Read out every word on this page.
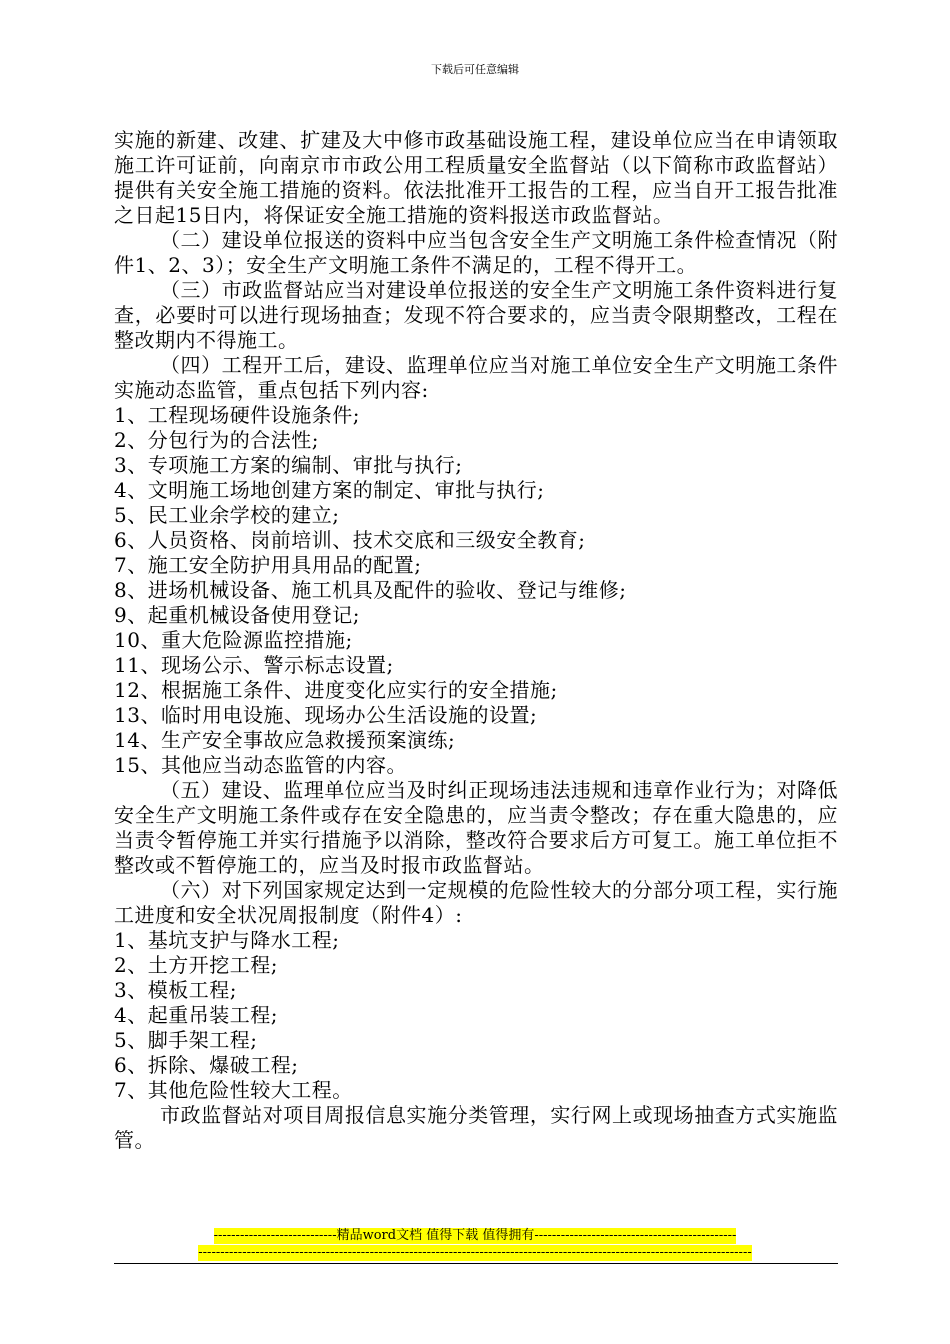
下载后可任意编辑

实施的新建、改建、扩建及大中修市政基础设施工程，建设单位应当在申请领取施工许可证前，向南京市市政公用工程质量安全监督站（以下简称市政监督站）提供有关安全施工措施的资料。依法批准开工报告的工程，应当自开工报告批准之日起15日内，将保证安全施工措施的资料报送市政监督站。

（二）建设单位报送的资料中应当包含安全生产文明施工条件检查情况（附件1、2、3）；安全生产文明施工条件不满足的，工程不得开工。

（三）市政监督站应当对建设单位报送的安全生产文明施工条件资料进行复查，必要时可以进行现场抽查；发现不符合要求的，应当责令限期整改，工程在整改期内不得施工。

（四）工程开工后，建设、监理单位应当对施工单位安全生产文明施工条件实施动态监管，重点包括下列内容:

1、工程现场硬件设施条件;

2、分包行为的合法性;

3、专项施工方案的编制、审批与执行;

4、文明施工场地创建方案的制定、审批与执行;

5、民工业余学校的建立;

6、人员资格、岗前培训、技术交底和三级安全教育;

7、施工安全防护用具用品的配置;

8、进场机械设备、施工机具及配件的验收、登记与维修;

9、起重机械设备使用登记;

10、重大危险源监控措施;

11、现场公示、警示标志设置;

12、根据施工条件、进度变化应实行的安全措施;

13、临时用电设施、现场办公生活设施的设置;

14、生产安全事故应急救援预案演练;

15、其他应当动态监管的内容。

（五）建设、监理单位应当及时纠正现场违法违规和违章作业行为；对降低安全生产文明施工条件或存在安全隐患的，应当责令整改；存在重大隐患的，应当责令暂停施工并实行措施予以消除，整改符合要求后方可复工。施工单位拒不整改或不暂停施工的，应当及时报市政监督站。

（六）对下列国家规定达到一定规模的危险性较大的分部分项工程，实行施工进度和安全状况周报制度（附件4）:

1、基坑支护与降水工程;

2、土方开挖工程;

3、模板工程;

4、起重吊装工程;

5、脚手架工程;

6、拆除、爆破工程;

7、其他危险性较大工程。

市政监督站对项目周报信息实施分类管理，实行网上或现场抽查方式实施监管。

----------------------------精品word文档 值得下载 值得拥有----------------------------------------------
------------------------------------------------------------------------------------------------------------------------------
